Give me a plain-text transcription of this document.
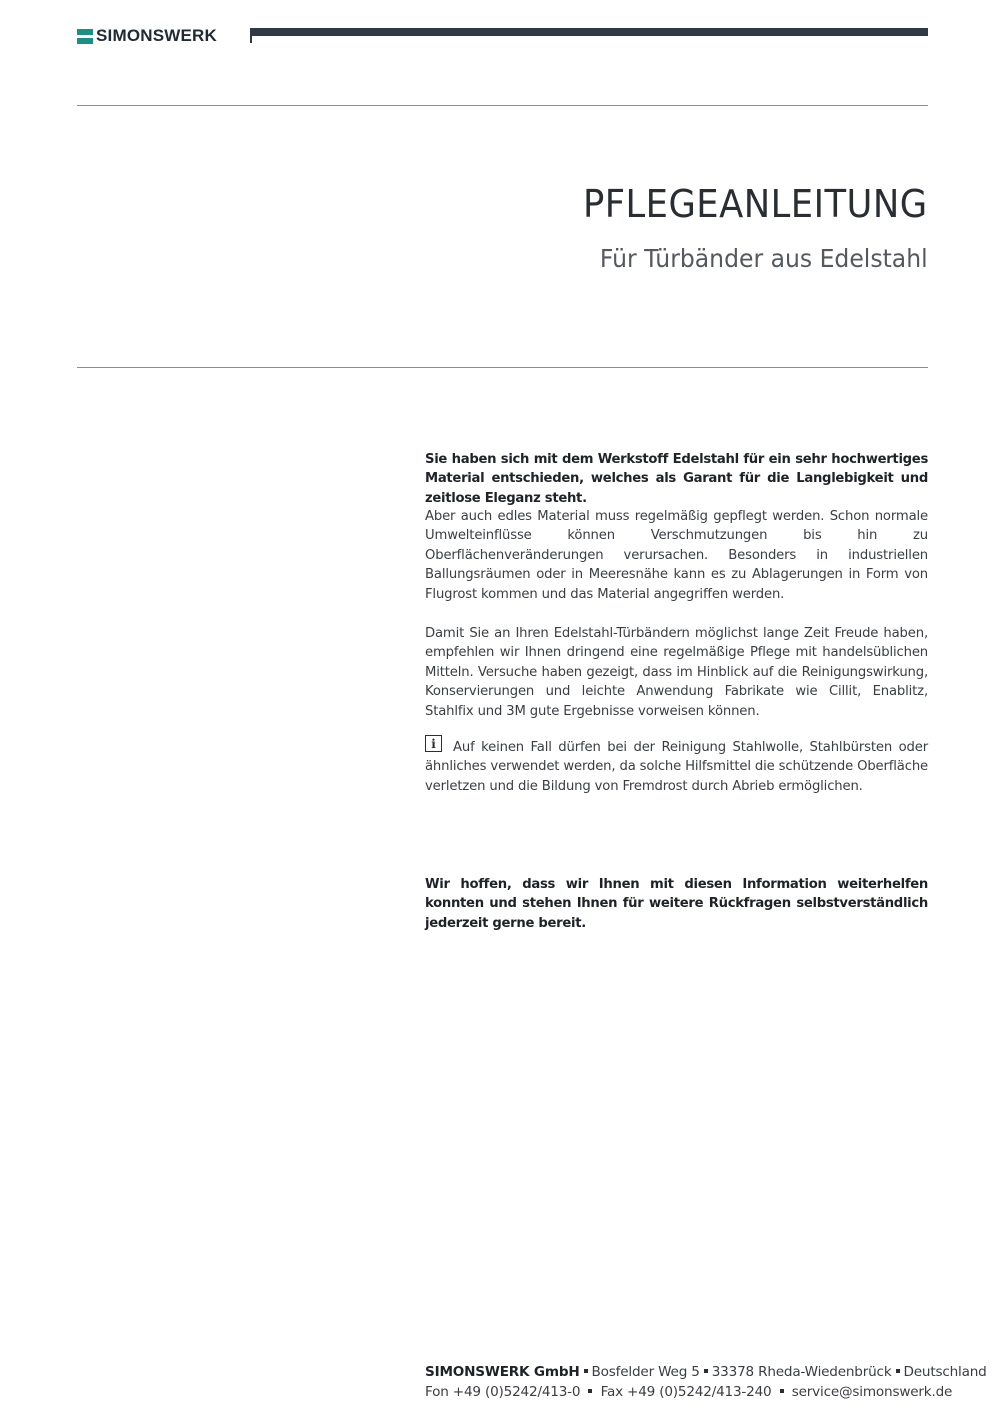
SIMONSWERK
PFLEGEANLEITUNG
Für Türbänder aus Edelstahl

Sie haben sich mit dem Werkstoff Edelstahl für ein sehr hochwertiges Material entschieden, welches als Garant für die Langlebigkeit und zeitlose Eleganz steht.

Aber auch edles Material muss regelmäßig gepflegt werden. Schon normale Umwelteinflüsse können Verschmutzungen bis hin zu Oberflächenveränderungen verursachen. Besonders in industriellen Ballungsräumen oder in Meeresnähe kann es zu Ablagerungen in Form von Flugrost kommen und das Material angegriffen werden.

Damit Sie an Ihren Edelstahl-Türbändern möglichst lange Zeit Freude haben, empfehlen wir Ihnen dringend eine regelmäßige Pflege mit handelsüblichen Mitteln. Versuche haben gezeigt, dass im Hinblick auf die Reinigungswirkung, Konservierungen und leichte Anwendung Fabrikate wie Cillit, Enablitz, Stahlfix und 3M gute Ergebnisse vorweisen können.

i	Auf keinen Fall dürfen bei der Reinigung Stahlwolle, Stahlbürsten oder ähnliches verwendet werden, da solche Hilfsmittel die schützende Oberfläche verletzen und die Bildung von Fremdrost durch Abrieb ermöglichen.

Wir hoffen, dass wir Ihnen mit diesen Information weiterhelfen konnten und stehen Ihnen für weitere Rückfragen selbstverständlich jederzeit gerne bereit.

SIMONSWERK GmbH Bosfelder Weg 5 33378 Rheda-Wiedenbrück Deutschland
Fon +49 (0)5242/413-0 Fax +49 (0)5242/413-240 service@simonswerk.de
